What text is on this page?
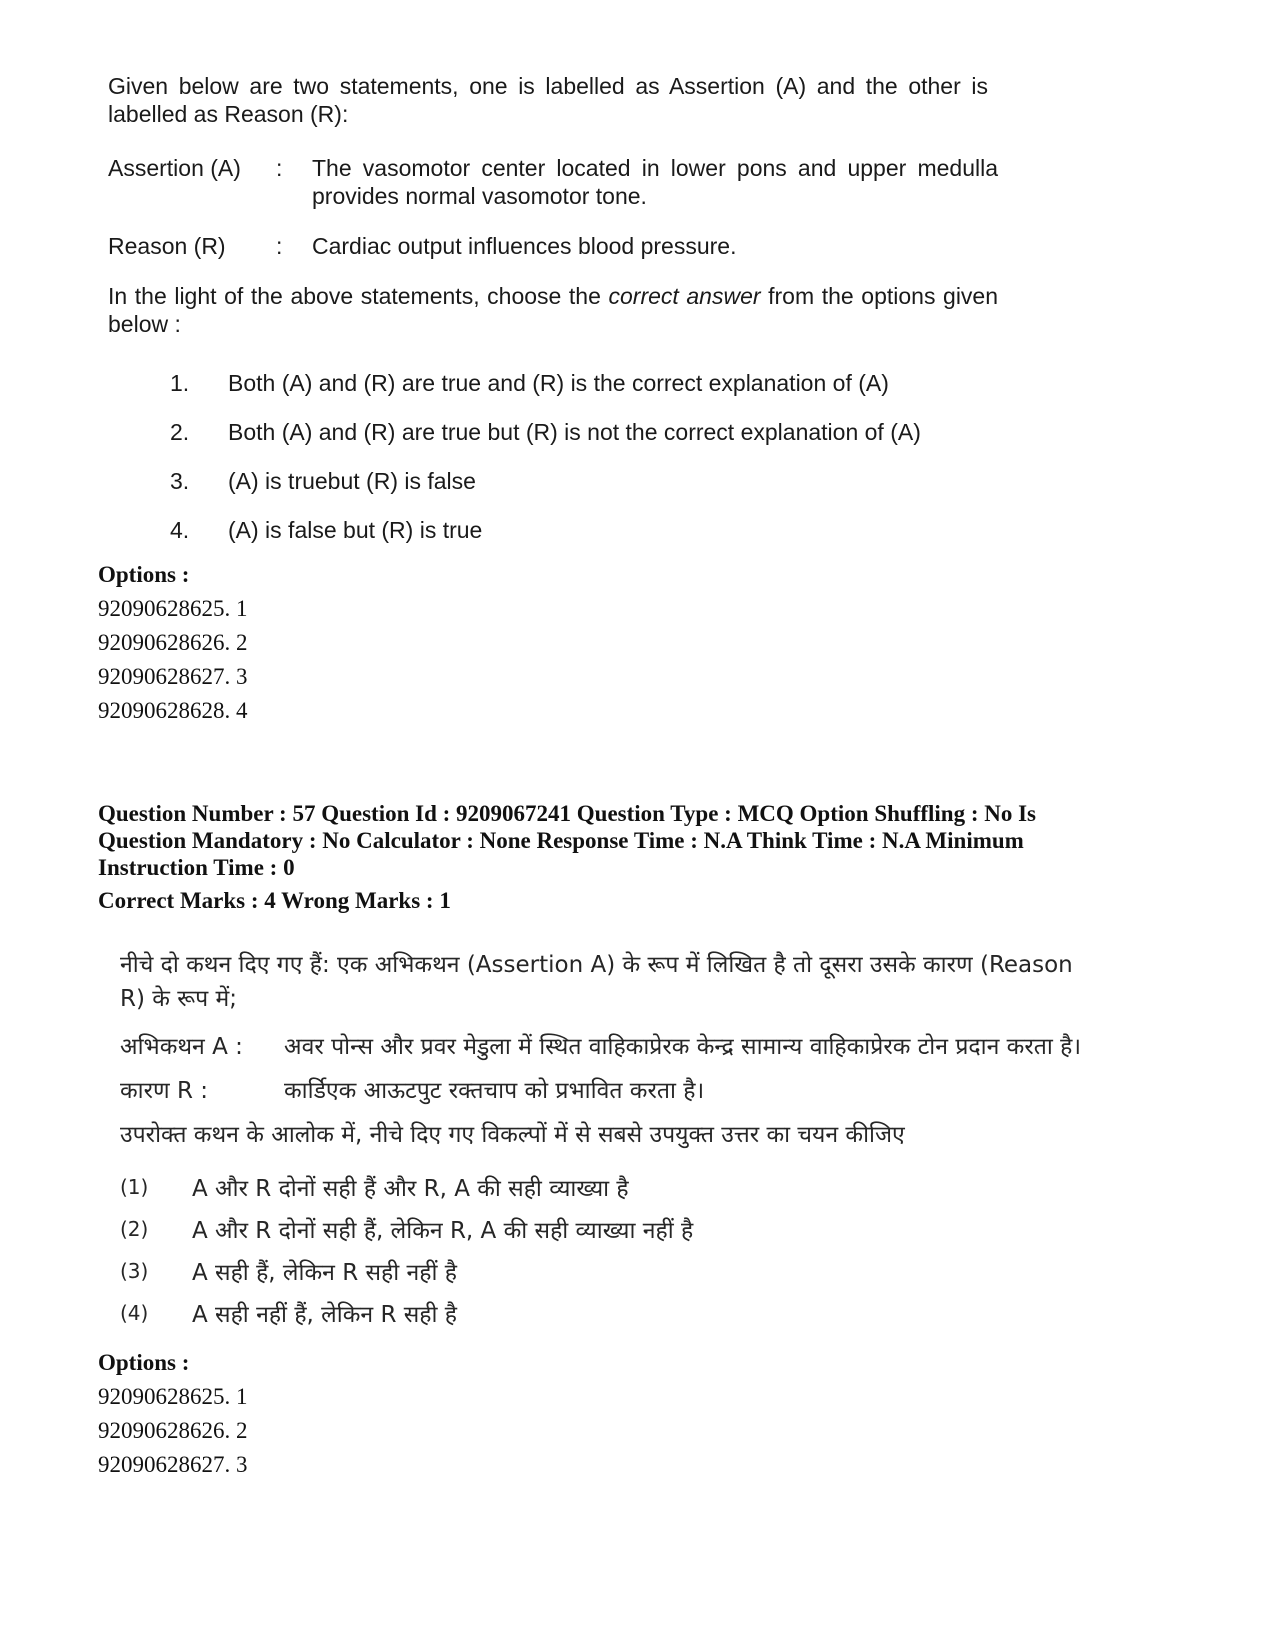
Given below are two statements, one is labelled as Assertion (A) and the other is labelled as Reason (R):

Assertion (A)	:	The vasomotor center located in lower pons and upper medulla provides normal vasomotor tone.
Reason (R)	:	Cardiac output influences blood pressure.

In the light of the above statements, choose the correct answer from the options given below :

1.	Both (A) and (R) are true and (R) is the correct explanation of (A)
2.	Both (A) and (R) are true but (R) is not the correct explanation of (A)
3.	(A) is truebut (R) is false
4.	(A) is false but (R) is true
Options :
92090628625. 1
92090628626. 2
92090628627. 3
92090628628. 4
Question Number : 57 Question Id : 9209067241 Question Type : MCQ Option Shuffling : No Is
Question Mandatory : No Calculator : None Response Time : N.A Think Time : N.A Minimum
Instruction Time : 0
Correct Marks : 4 Wrong Marks : 1

नीचे दो कथन दिए गए हैं: एक अभिकथन (Assertion A) के रूप में लिखित है तो दूसरा उसके कारण (Reason R) के रूप में;

अभिकथन A :	अवर पोन्स और प्रवर मेडुला में स्थित वाहिकाप्रेरक केन्द्र सामान्य वाहिकाप्रेरक टोन प्रदान करता है।
कारण R :	कार्डिएक आऊटपुट रक्तचाप को प्रभावित करता है।

उपरोक्त कथन के आलोक में, नीचे दिए गए विकल्पों में से सबसे उपयुक्त उत्तर का चयन कीजिए

(1)	A और R दोनों सही हैं और R, A की सही व्याख्या है
(2)	A और R दोनों सही हैं, लेकिन R, A की सही व्याख्या नहीं है
(3)	A सही हैं, लेकिन R सही नहीं है
(4)	A सही नहीं हैं, लेकिन R सही है
Options :
92090628625. 1
92090628626. 2
92090628627. 3
